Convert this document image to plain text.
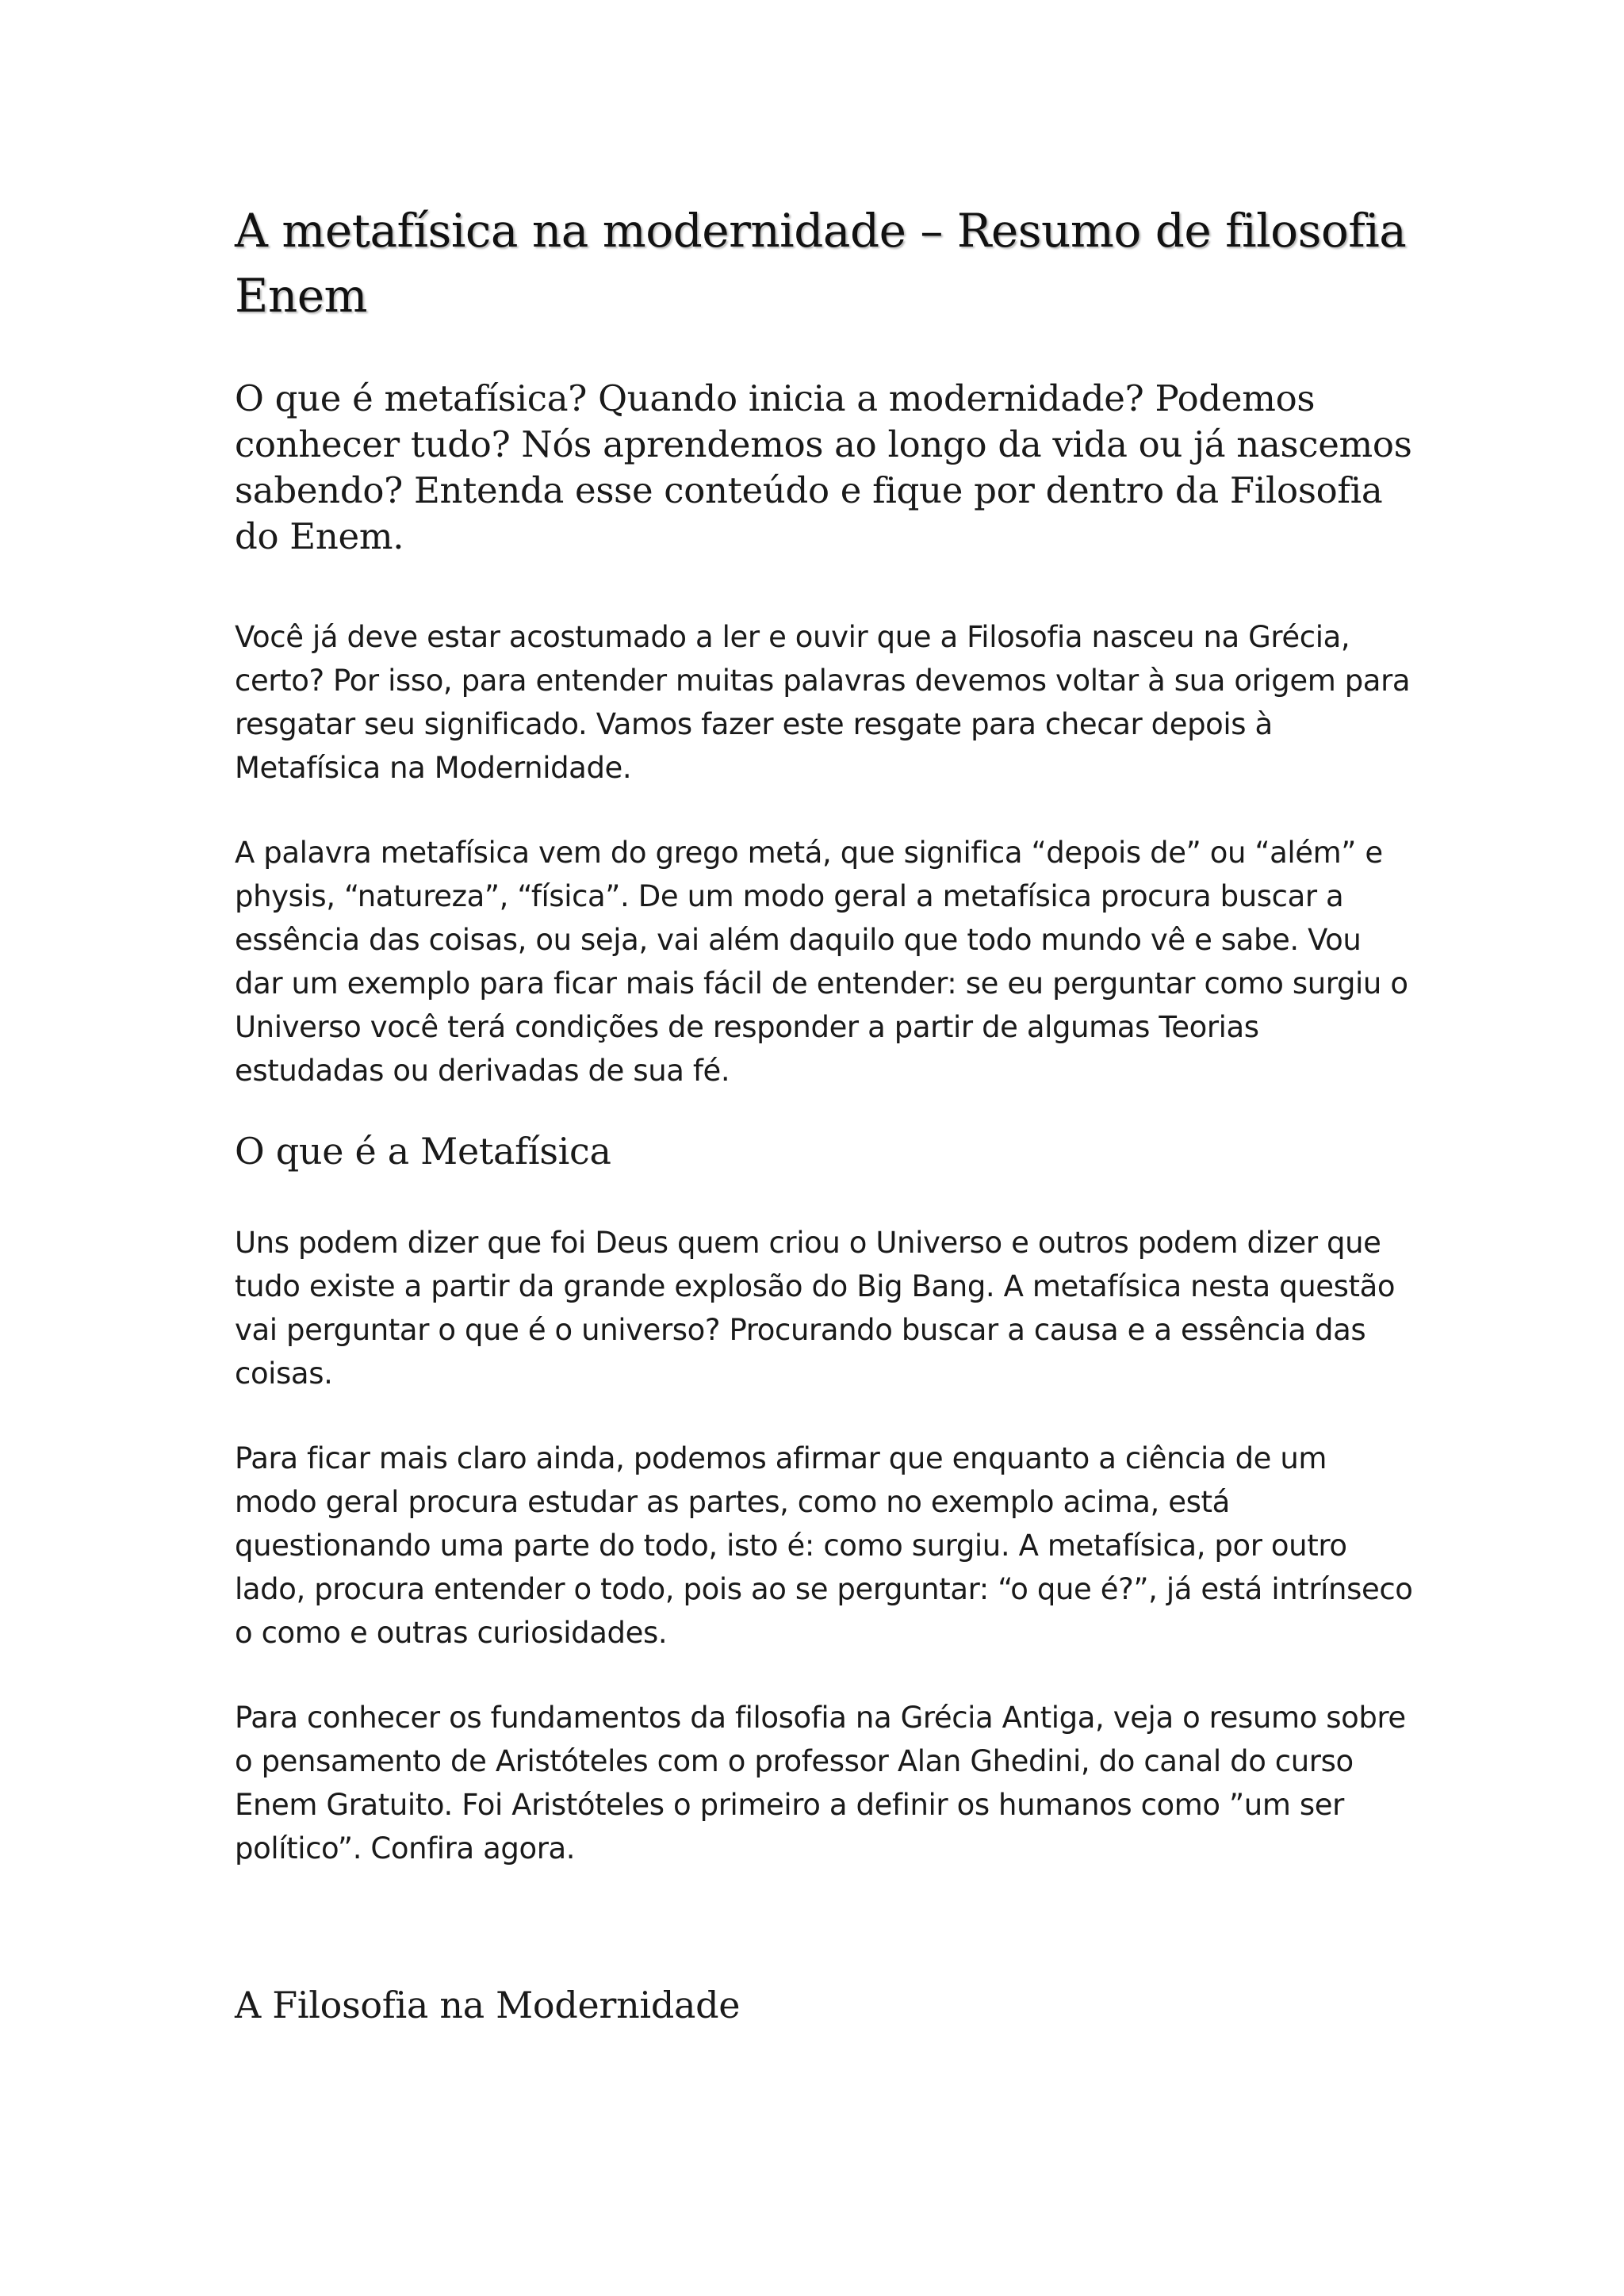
A metafísica na modernidade – Resumo de filosofia Enem

O que é metafísica? Quando inicia a modernidade? Podemos conhecer tudo? Nós aprendemos ao longo da vida ou já nascemos sabendo? Entenda esse conteúdo e fique por dentro da Filosofia do Enem.

Você já deve estar acostumado a ler e ouvir que a Filosofia nasceu na Grécia, certo? Por isso, para entender muitas palavras devemos voltar à sua origem para resgatar seu significado. Vamos fazer este resgate para checar depois à Metafísica na Modernidade.

A palavra metafísica vem do grego metá, que significa “depois de” ou “além” e physis, “natureza”, “física”. De um modo geral a metafísica procura buscar a essência das coisas, ou seja, vai além daquilo que todo mundo vê e sabe. Vou dar um exemplo para ficar mais fácil de entender: se eu perguntar como surgiu o Universo você terá condições de responder a partir de algumas Teorias estudadas ou derivadas de sua fé.

O que é a Metafísica

Uns podem dizer que foi Deus quem criou o Universo e outros podem dizer que tudo existe a partir da grande explosão do Big Bang. A metafísica nesta questão vai perguntar o que é o universo? Procurando buscar a causa e a essência das coisas.

Para ficar mais claro ainda, podemos afirmar que enquanto a ciência de um modo geral procura estudar as partes, como no exemplo acima, está questionando uma parte do todo, isto é: como surgiu. A metafísica, por outro lado, procura entender o todo, pois ao se perguntar: “o que é?”, já está intrínseco o como e outras curiosidades.

Para conhecer os fundamentos da filosofia na Grécia Antiga, veja o resumo sobre o pensamento de Aristóteles com o professor Alan Ghedini, do canal do curso Enem Gratuito. Foi Aristóteles o primeiro a definir os humanos como ”um ser político”. Confira agora.

A Filosofia na Modernidade
